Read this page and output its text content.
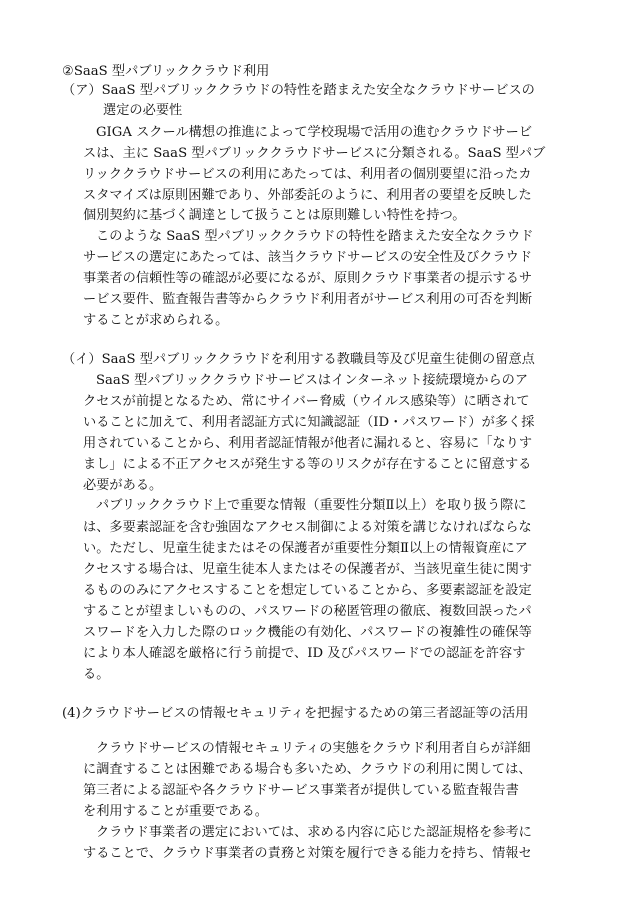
②SaaS 型パブリッククラウド利用
（ア）SaaS 型パブリッククラウドの特性を踏まえた安全なクラウドサービスの
選定の必要性
GIGA スクール構想の推進によって学校現場で活用の進むクラウドサービ
スは、主に SaaS 型パブリッククラウドサービスに分類される。SaaS 型パブ
リッククラウドサービスの利用にあたっては、利用者の個別要望に沿ったカ
スタマイズは原則困難であり、外部委託のように、利用者の要望を反映した
個別契約に基づく調達として扱うことは原則難しい特性を持つ。
このような SaaS 型パブリッククラウドの特性を踏まえた安全なクラウド
サービスの選定にあたっては、該当クラウドサービスの安全性及びクラウド
事業者の信頼性等の確認が必要になるが、原則クラウド事業者の提示するサ
ービス要件、監査報告書等からクラウド利用者がサービス利用の可否を判断
することが求められる。
（イ）SaaS 型パブリッククラウドを利用する教職員等及び児童生徒側の留意点
SaaS 型パブリッククラウドサービスはインターネット接続環境からのア
クセスが前提となるため、常にサイバー脅威（ウイルス感染等）に晒されて
いることに加えて、利用者認証方式に知識認証（ID・パスワード）が多く採
用されていることから、利用者認証情報が他者に漏れると、容易に「なりす
まし」による不正アクセスが発生する等のリスクが存在することに留意する
必要がある。
パブリッククラウド上で重要な情報（重要性分類Ⅱ以上）を取り扱う際に
は、多要素認証を含む強固なアクセス制御による対策を講じなければならな
い。ただし、児童生徒またはその保護者が重要性分類Ⅱ以上の情報資産にア
クセスする場合は、児童生徒本人またはその保護者が、当該児童生徒に関す
るもののみにアクセスすることを想定していることから、多要素認証を設定
することが望ましいものの、パスワードの秘匿管理の徹底、複数回誤ったパ
スワードを入力した際のロック機能の有効化、パスワードの複雑性の確保等
により本人確認を厳格に行う前提で、ID 及びパスワードでの認証を許容す
る。
(4)クラウドサービスの情報セキュリティを把握するための第三者認証等の活用
クラウドサービスの情報セキュリティの実態をクラウド利用者自らが詳細
に調査することは困難である場合も多いため、クラウドの利用に関しては、
第三者による認証や各クラウドサービス事業者が提供している監査報告書
を利用することが重要である。
クラウド事業者の選定においては、求める内容に応じた認証規格を参考に
することで、クラウド事業者の責務と対策を履行できる能力を持ち、情報セ
